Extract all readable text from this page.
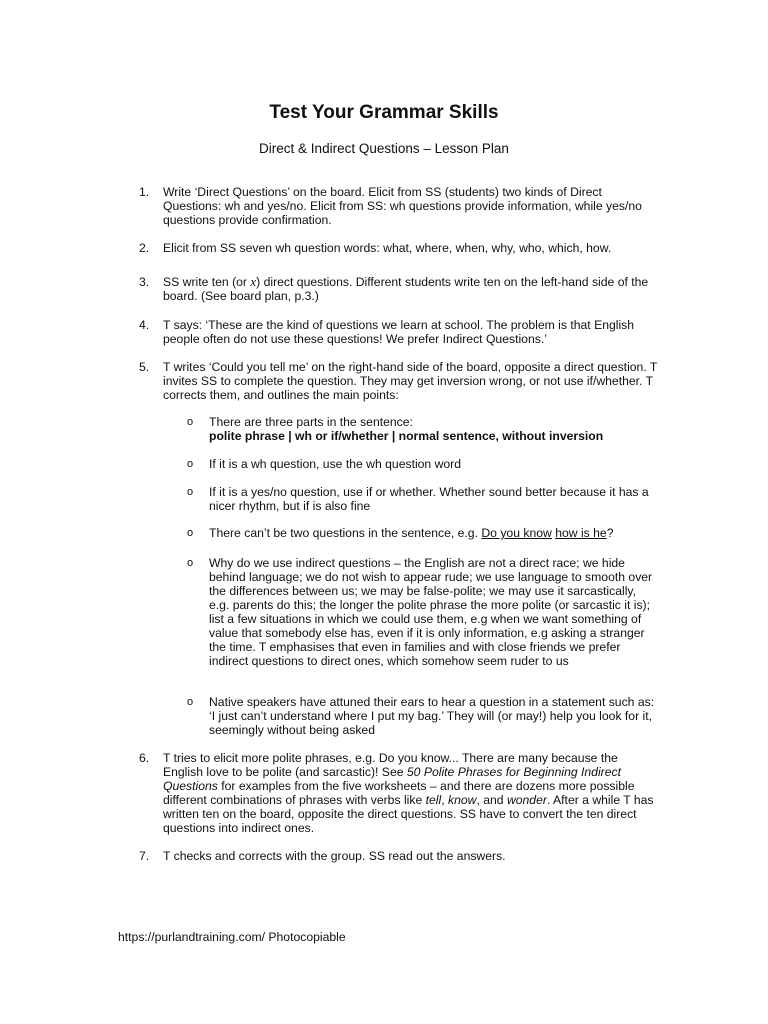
Test Your Grammar Skills
Direct & Indirect Questions – Lesson Plan
1. Write ‘Direct Questions’ on the board. Elicit from SS (students) two kinds of Direct Questions: wh and yes/no. Elicit from SS: wh questions provide information, while yes/no questions provide confirmation.
2. Elicit from SS seven wh question words: what, where, when, why, who, which, how.
3. SS write ten (or x) direct questions. Different students write ten on the left-hand side of the board. (See board plan, p.3.)
4. T says: ‘These are the kind of questions we learn at school. The problem is that English people often do not use these questions! We prefer Indirect Questions.’
5. T writes ‘Could you tell me’ on the right-hand side of the board, opposite a direct question. T invites SS to complete the question. They may get inversion wrong, or not use if/whether. T corrects them, and outlines the main points:
o There are three parts in the sentence:
polite phrase | wh or if/whether | normal sentence, without inversion
o If it is a wh question, use the wh question word
o If it is a yes/no question, use if or whether. Whether sound better because it has a nicer rhythm, but if is also fine
o There can’t be two questions in the sentence, e.g. Do you know how is he?
o Why do we use indirect questions – the English are not a direct race; we hide behind language; we do not wish to appear rude; we use language to smooth over the differences between us; we may be false-polite; we may use it sarcastically, e.g. parents do this; the longer the polite phrase the more polite (or sarcastic it is); list a few situations in which we could use them, e.g when we want something of value that somebody else has, even if it is only information, e.g asking a stranger the time. T emphasises that even in families and with close friends we prefer indirect questions to direct ones, which somehow seem ruder to us
o Native speakers have attuned their ears to hear a question in a statement such as: ‘I just can’t understand where I put my bag.’ They will (or may!) help you look for it, seemingly without being asked
6. T tries to elicit more polite phrases, e.g. Do you know... There are many because the English love to be polite (and sarcastic)! See 50 Polite Phrases for Beginning Indirect Questions for examples from the five worksheets – and there are dozens more possible different combinations of phrases with verbs like tell, know, and wonder. After a while T has written ten on the board, opposite the direct questions. SS have to convert the ten direct questions into indirect ones.
7. T checks and corrects with the group. SS read out the answers.
https://purlandtraining.com/ Photocopiable
